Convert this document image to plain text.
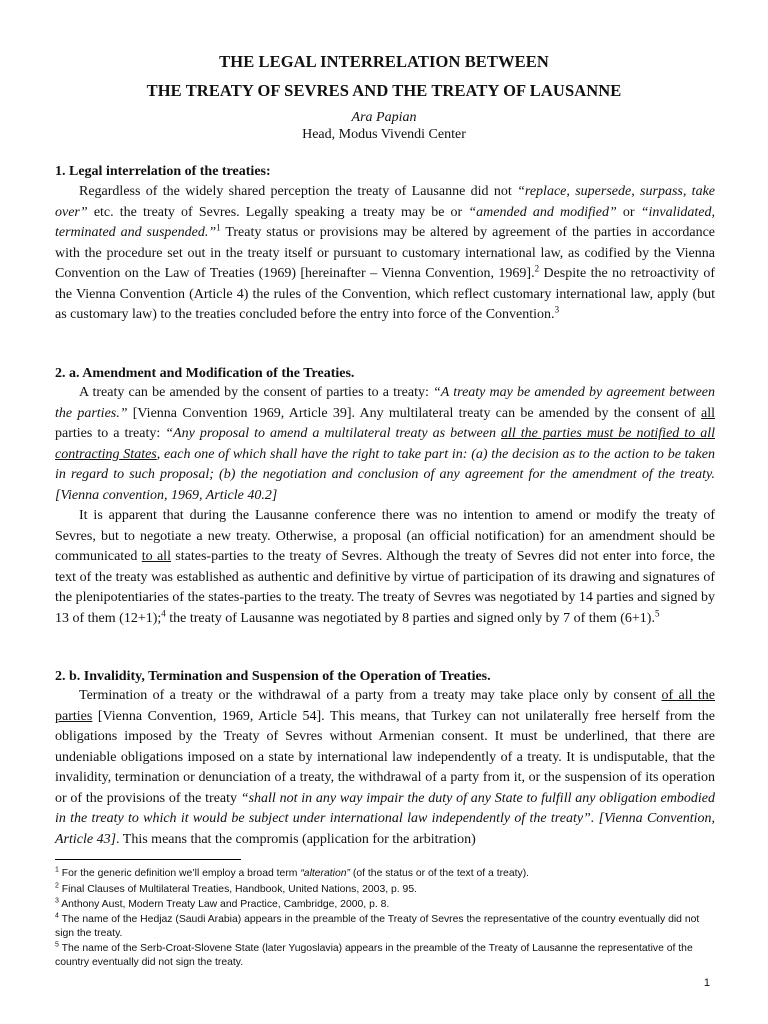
THE LEGAL INTERRELATION BETWEEN
THE TREATY OF SEVRES AND THE TREATY OF LAUSANNE
Ara Papian
Head, Modus Vivendi Center
1. Legal interrelation of the treaties:

Regardless of the widely shared perception the treaty of Lausanne did not “replace, supersede, surpass, take over” etc. the treaty of Sevres. Legally speaking a treaty may be or “amended and modified” or “invalidated, terminated and suspended.”$^1$ Treaty status or provisions may be altered by agreement of the parties in accordance with the procedure set out in the treaty itself or pursuant to customary international law, as codified by the Vienna Convention on the Law of Treaties (1969) [hereinafter – Vienna Convention, 1969].$^2$ Despite the no retroactivity of the Vienna Convention (Article 4) the rules of the Convention, which reflect customary international law, apply (but as customary law) to the treaties concluded before the entry into force of the Convention.$^3$

2. a. Amendment and Modification of the Treaties.

A treaty can be amended by the consent of parties to a treaty: “A treaty may be amended by agreement between the parties.” [Vienna Convention 1969, Article 39]. Any multilateral treaty can be amended by the consent of all parties to a treaty: “Any proposal to amend a multilateral treaty as between all the parties must be notified to all contracting States, each one of which shall have the right to take part in: (a) the decision as to the action to be taken in regard to such proposal; (b) the negotiation and conclusion of any agreement for the amendment of the treaty. [Vienna convention, 1969, Article 40.2]

It is apparent that during the Lausanne conference there was no intention to amend or modify the treaty of Sevres, but to negotiate a new treaty. Otherwise, a proposal (an official notification) for an amendment should be communicated to all states-parties to the treaty of Sevres. Although the treaty of Sevres did not enter into force, the text of the treaty was established as authentic and definitive by virtue of participation of its drawing and signatures of the plenipotentiaries of the states-parties to the treaty. The treaty of Sevres was negotiated by 14 parties and signed by 13 of them (12+1);$^4$ the treaty of Lausanne was negotiated by 8 parties and signed only by 7 of them (6+1).$^5$

2. b. Invalidity, Termination and Suspension of the Operation of Treaties.

Termination of a treaty or the withdrawal of a party from a treaty may take place only by consent of all the parties [Vienna Convention, 1969, Article 54]. This means, that Turkey can not unilaterally free herself from the obligations imposed by the Treaty of Sevres without Armenian consent. It must be underlined, that there are undeniable obligations imposed on a state by international law independently of a treaty. It is undisputable, that the invalidity, termination or denunciation of a treaty, the withdrawal of a party from it, or the suspension of its operation or of the provisions of the treaty “shall not in any way impair the duty of any State to fulfill any obligation embodied in the treaty to which it would be subject under international law independently of the treaty”. [Vienna Convention, Article 43]. This means that the compromis (application for the arbitration)

$^1$ For the generic definition we’ll employ a broad term “alteration” (of the status or of the text of a treaty).

$^2$ Final Clauses of Multilateral Treaties, Handbook, United Nations, 2003, p. 95.

$^3$ Anthony Aust, Modern Treaty Law and Practice, Cambridge, 2000, p. 8.

$^4$ The name of the Hedjaz (Saudi Arabia) appears in the preamble of the Treaty of Sevres the representative of the country eventually did not sign the treaty.

$^5$ The name of the Serb-Croat-Slovene State (later Yugoslavia) appears in the preamble of the Treaty of Lausanne the representative of the country eventually did not sign the treaty.

1
